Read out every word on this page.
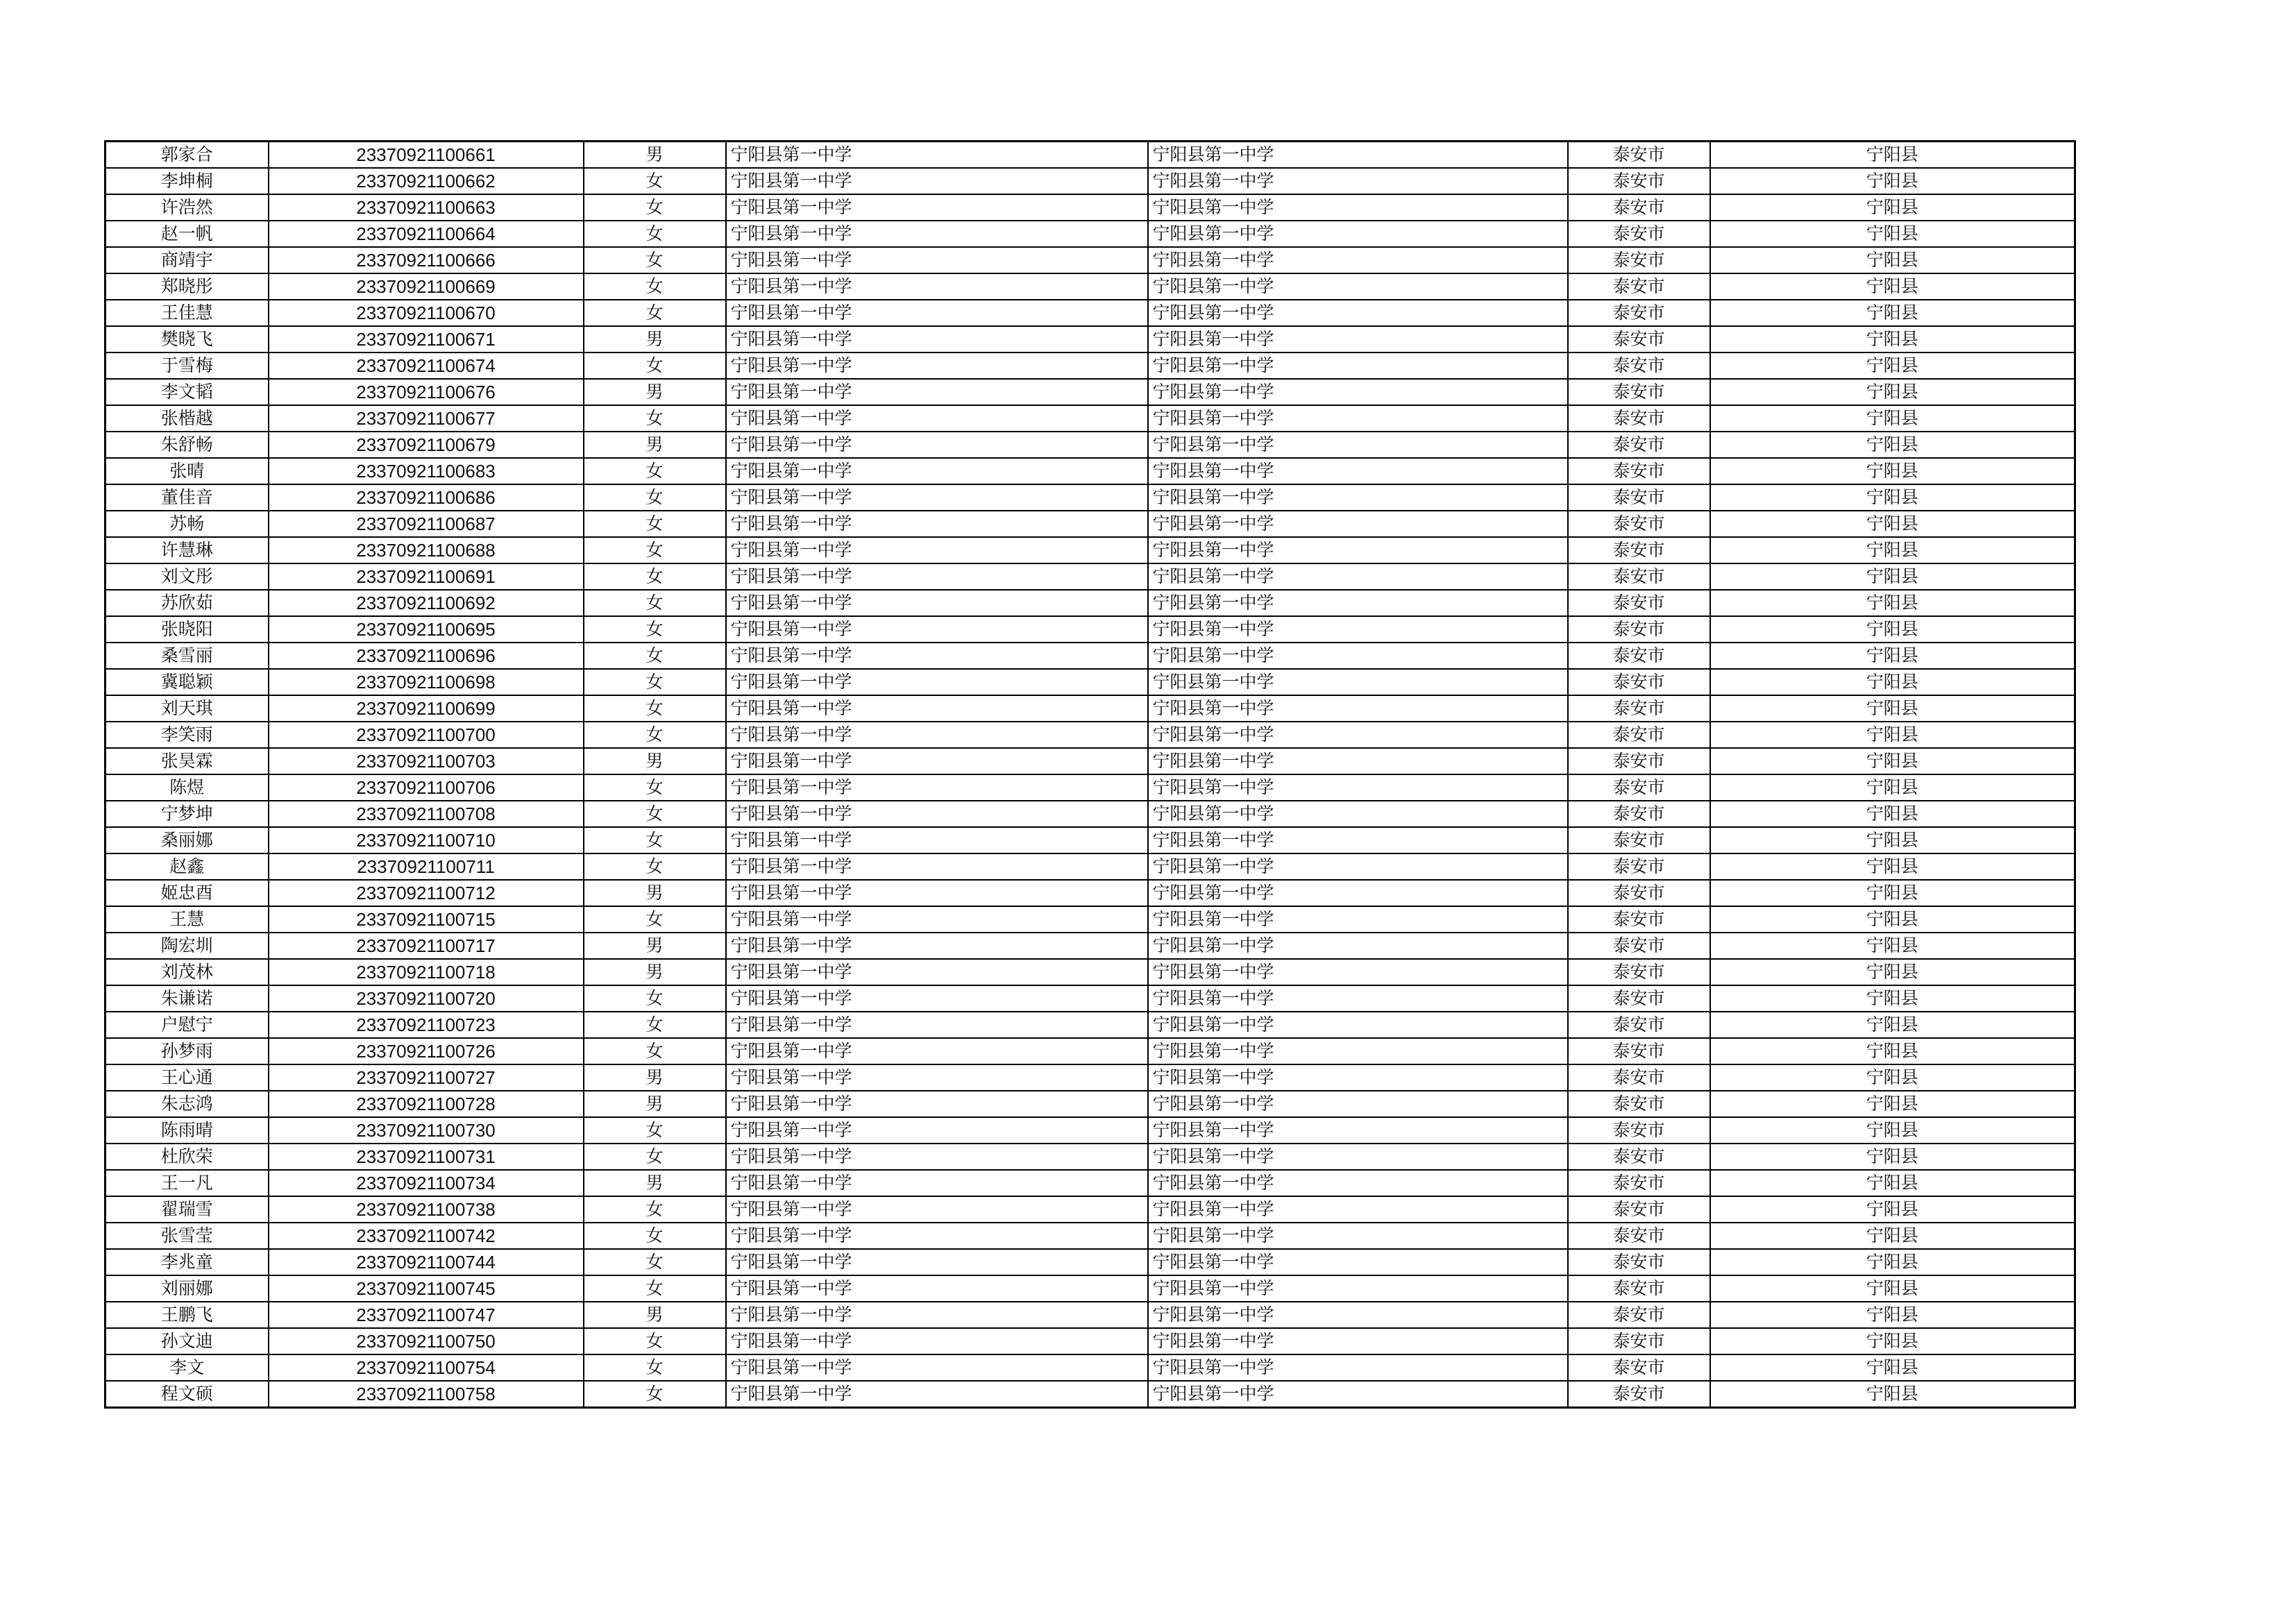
郭家合	23370921100661	男	宁阳县第一中学	宁阳县第一中学	泰安市	宁阳县
李坤桐	23370921100662	女	宁阳县第一中学	宁阳县第一中学	泰安市	宁阳县
许浩然	23370921100663	女	宁阳县第一中学	宁阳县第一中学	泰安市	宁阳县
赵一帆	23370921100664	女	宁阳县第一中学	宁阳县第一中学	泰安市	宁阳县
商靖宇	23370921100666	女	宁阳县第一中学	宁阳县第一中学	泰安市	宁阳县
郑晓彤	23370921100669	女	宁阳县第一中学	宁阳县第一中学	泰安市	宁阳县
王佳慧	23370921100670	女	宁阳县第一中学	宁阳县第一中学	泰安市	宁阳县
樊晓飞	23370921100671	男	宁阳县第一中学	宁阳县第一中学	泰安市	宁阳县
于雪梅	23370921100674	女	宁阳县第一中学	宁阳县第一中学	泰安市	宁阳县
李文韬	23370921100676	男	宁阳县第一中学	宁阳县第一中学	泰安市	宁阳县
张楷越	23370921100677	女	宁阳县第一中学	宁阳县第一中学	泰安市	宁阳县
朱舒畅	23370921100679	男	宁阳县第一中学	宁阳县第一中学	泰安市	宁阳县
张晴	23370921100683	女	宁阳县第一中学	宁阳县第一中学	泰安市	宁阳县
董佳音	23370921100686	女	宁阳县第一中学	宁阳县第一中学	泰安市	宁阳县
苏畅	23370921100687	女	宁阳县第一中学	宁阳县第一中学	泰安市	宁阳县
许慧琳	23370921100688	女	宁阳县第一中学	宁阳县第一中学	泰安市	宁阳县
刘文彤	23370921100691	女	宁阳县第一中学	宁阳县第一中学	泰安市	宁阳县
苏欣茹	23370921100692	女	宁阳县第一中学	宁阳县第一中学	泰安市	宁阳县
张晓阳	23370921100695	女	宁阳县第一中学	宁阳县第一中学	泰安市	宁阳县
桑雪丽	23370921100696	女	宁阳县第一中学	宁阳县第一中学	泰安市	宁阳县
冀聪颖	23370921100698	女	宁阳县第一中学	宁阳县第一中学	泰安市	宁阳县
刘天琪	23370921100699	女	宁阳县第一中学	宁阳县第一中学	泰安市	宁阳县
李笑雨	23370921100700	女	宁阳县第一中学	宁阳县第一中学	泰安市	宁阳县
张昊霖	23370921100703	男	宁阳县第一中学	宁阳县第一中学	泰安市	宁阳县
陈煜	23370921100706	女	宁阳县第一中学	宁阳县第一中学	泰安市	宁阳县
宁梦坤	23370921100708	女	宁阳县第一中学	宁阳县第一中学	泰安市	宁阳县
桑丽娜	23370921100710	女	宁阳县第一中学	宁阳县第一中学	泰安市	宁阳县
赵鑫	23370921100711	女	宁阳县第一中学	宁阳县第一中学	泰安市	宁阳县
姬忠酉	23370921100712	男	宁阳县第一中学	宁阳县第一中学	泰安市	宁阳县
王慧	23370921100715	女	宁阳县第一中学	宁阳县第一中学	泰安市	宁阳县
陶宏圳	23370921100717	男	宁阳县第一中学	宁阳县第一中学	泰安市	宁阳县
刘茂林	23370921100718	男	宁阳县第一中学	宁阳县第一中学	泰安市	宁阳县
朱谦诺	23370921100720	女	宁阳县第一中学	宁阳县第一中学	泰安市	宁阳县
户慰宁	23370921100723	女	宁阳县第一中学	宁阳县第一中学	泰安市	宁阳县
孙梦雨	23370921100726	女	宁阳县第一中学	宁阳县第一中学	泰安市	宁阳县
王心通	23370921100727	男	宁阳县第一中学	宁阳县第一中学	泰安市	宁阳县
朱志鸿	23370921100728	男	宁阳县第一中学	宁阳县第一中学	泰安市	宁阳县
陈雨晴	23370921100730	女	宁阳县第一中学	宁阳县第一中学	泰安市	宁阳县
杜欣荣	23370921100731	女	宁阳县第一中学	宁阳县第一中学	泰安市	宁阳县
王一凡	23370921100734	男	宁阳县第一中学	宁阳县第一中学	泰安市	宁阳县
翟瑞雪	23370921100738	女	宁阳县第一中学	宁阳县第一中学	泰安市	宁阳县
张雪莹	23370921100742	女	宁阳县第一中学	宁阳县第一中学	泰安市	宁阳县
李兆童	23370921100744	女	宁阳县第一中学	宁阳县第一中学	泰安市	宁阳县
刘丽娜	23370921100745	女	宁阳县第一中学	宁阳县第一中学	泰安市	宁阳县
王鹏飞	23370921100747	男	宁阳县第一中学	宁阳县第一中学	泰安市	宁阳县
孙文迪	23370921100750	女	宁阳县第一中学	宁阳县第一中学	泰安市	宁阳县
李文	23370921100754	女	宁阳县第一中学	宁阳县第一中学	泰安市	宁阳县
程文硕	23370921100758	女	宁阳县第一中学	宁阳县第一中学	泰安市	宁阳县
